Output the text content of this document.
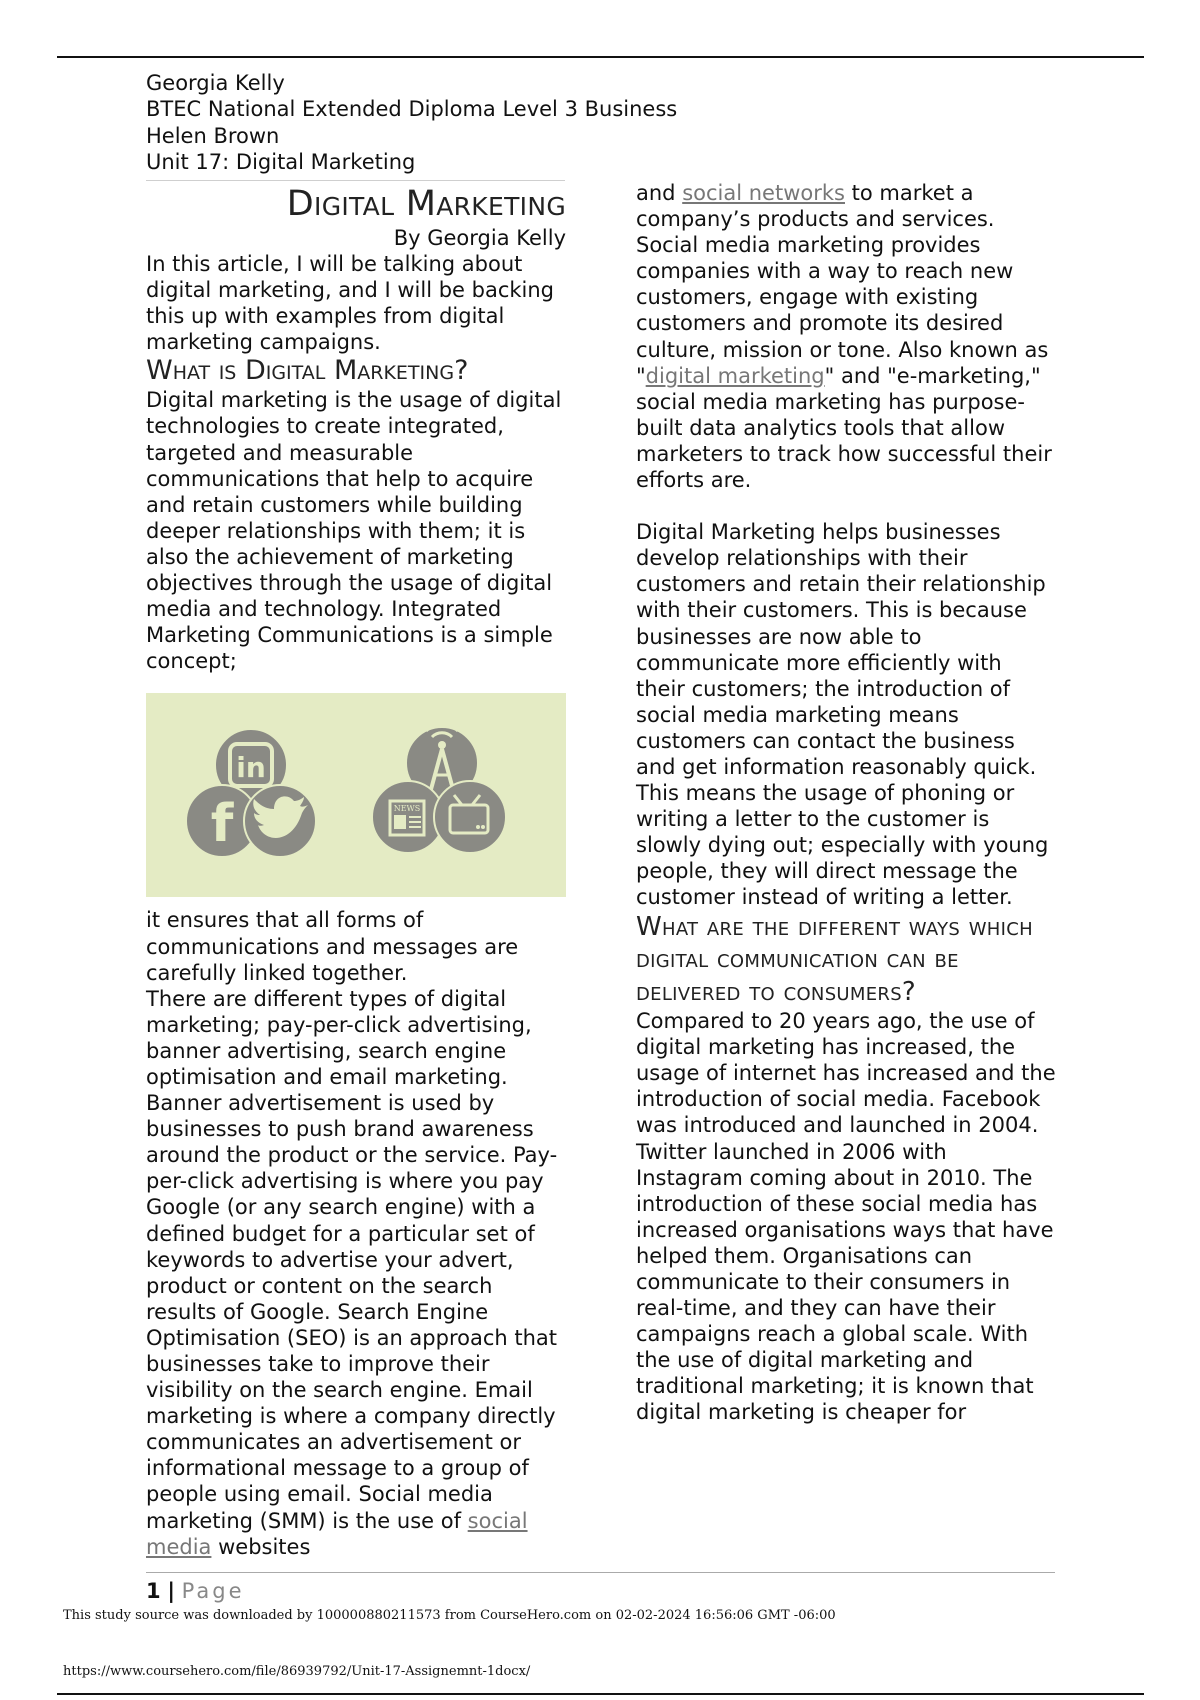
Georgia Kelly
BTEC National Extended Diploma Level 3 Business
Helen Brown
Unit 17: Digital Marketing
Digital Marketing
By Georgia Kelly

In this article, I will be talking about digital marketing, and I will be backing this up with examples from digital marketing campaigns.

What is Digital Marketing?

Digital marketing is the usage of digital technologies to create integrated, targeted and measurable communications that help to acquire and retain customers while building deeper relationships with them; it is also the achievement of marketing objectives through the usage of digital media and technology. Integrated Marketing Communications is a simple concept;

in
f	NEWS

it ensures that all forms of communications and messages are carefully linked together.

There are different types of digital marketing; pay-per-click advertising, banner advertising, search engine optimisation and email marketing. Banner advertisement is used by businesses to push brand awareness around the product or the service. Pay-per-click advertising is where you pay Google (or any search engine) with a defined budget for a particular set of keywords to advertise your advert, product or content on the search results of Google. Search Engine Optimisation (SEO) is an approach that businesses take to improve their visibility on the search engine. Email marketing is where a company directly communicates an advertisement or informational message to a group of people using email. Social media marketing (SMM) is the use of social media websites

and social networks to market a company’s products and services. Social media marketing provides companies with a way to reach new customers, engage with existing customers and promote its desired culture, mission or tone. Also known as "digital marketing" and "e-marketing," social media marketing has purpose-built data analytics tools that allow marketers to track how successful their efforts are.

Digital Marketing helps businesses develop relationships with their customers and retain their relationship with their customers. This is because businesses are now able to communicate more efficiently with their customers; the introduction of social media marketing means customers can contact the business and get information reasonably quick. This means the usage of phoning or writing a letter to the customer is slowly dying out; especially with young people, they will direct message the customer instead of writing a letter.

What are the different ways which digital communication can be delivered to consumers?

Compared to 20 years ago, the use of digital marketing has increased, the usage of internet has increased and the introduction of social media. Facebook was introduced and launched in 2004. Twitter launched in 2006 with Instagram coming about in 2010. The introduction of these social media has increased organisations ways that have helped them. Organisations can communicate to their consumers in real-time, and they can have their campaigns reach a global scale. With the use of digital marketing and traditional marketing; it is known that digital marketing is cheaper for

1 | Page
This study source was downloaded by 100000880211573 from CourseHero.com on 02-02-2024 16:56:06 GMT -06:00
https://www.coursehero.com/file/86939792/Unit-17-Assignemnt-1docx/
